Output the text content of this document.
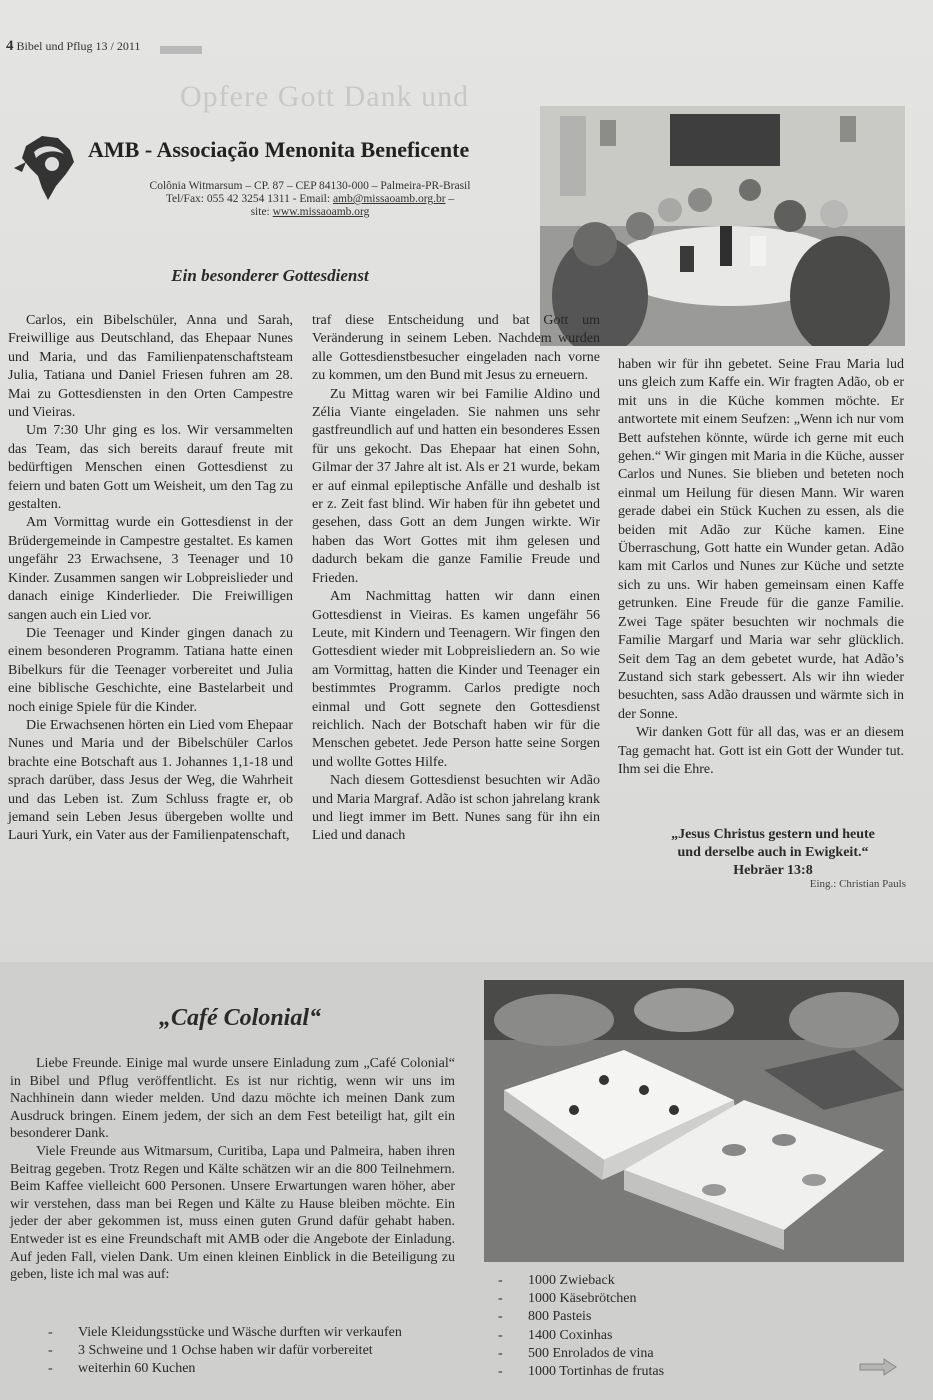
4 Bibel und Pflug 13 / 2011
Opfere Gott Dank und
AMB - Associação Menonita Beneficente
Colônia Witmarsum – CP. 87 – CEP 84130-000 – Palmeira-PR-Brasil
Tel/Fax: 055 42 3254 1311 - Email: amb@missaoamb.org.br –
site: www.missaoamb.org
Ein besonderer Gottesdienst

Carlos, ein Bibelschüler, Anna und Sarah, Freiwillige aus Deutschland, das Ehepaar Nunes und Maria, und das Familienpatenschaftsteam Julia, Tatiana und Daniel Friesen fuhren am 28. Mai zu Gottesdiensten in den Orten Campestre und Vieiras.

Um 7:30 Uhr ging es los. Wir versammelten das Team, das sich bereits darauf freute mit bedürftigen Menschen einen Gottesdienst zu feiern und baten Gott um Weisheit, um den Tag zu gestalten.

Am Vormittag wurde ein Gottesdienst in der Brüdergemeinde in Campestre gestaltet. Es kamen ungefähr 23 Erwachsene, 3 Teenager und 10 Kinder. Zusammen sangen wir Lobpreislieder und danach einige Kinderlieder. Die Freiwilligen sangen auch ein Lied vor.

Die Teenager und Kinder gingen danach zu einem besonderen Programm. Tatiana hatte einen Bibelkurs für die Teenager vorbereitet und Julia eine biblische Geschichte, eine Bastelarbeit und noch einige Spiele für die Kinder.

Die Erwachsenen hörten ein Lied vom Ehepaar Nunes und Maria und der Bibelschüler Carlos brachte eine Botschaft aus 1. Johannes 1,1-18 und sprach darüber, dass Jesus der Weg, die Wahrheit und das Leben ist. Zum Schluss fragte er, ob jemand sein Leben Jesus übergeben wollte und Lauri Yurk, ein Vater aus der Familienpatenschaft,

traf diese Entscheidung und bat Gott um Veränderung in seinem Leben. Nachdem wurden alle Gottesdienstbesucher eingeladen nach vorne zu kommen, um den Bund mit Jesus zu erneuern.

Zu Mittag waren wir bei Familie Aldino und Zélia Viante eingeladen. Sie nahmen uns sehr gastfreundlich auf und hatten ein besonderes Essen für uns gekocht. Das Ehepaar hat einen Sohn, Gilmar der 37 Jahre alt ist. Als er 21 wurde, bekam er auf einmal epileptische Anfälle und deshalb ist er z. Zeit fast blind. Wir haben für ihn gebetet und gesehen, dass Gott an dem Jungen wirkte. Wir haben das Wort Gottes mit ihm gelesen und dadurch bekam die ganze Familie Freude und Frieden.

Am Nachmittag hatten wir dann einen Gottesdienst in Vieiras. Es kamen ungefähr 56 Leute, mit Kindern und Teenagern. Wir fingen den Gottesdient wieder mit Lobpreisliedern an. So wie am Vormittag, hatten die Kinder und Teenager ein bestimmtes Programm. Carlos predigte noch einmal und Gott segnete den Gottesdienst reichlich. Nach der Botschaft haben wir für die Menschen gebetet. Jede Person hatte seine Sorgen und wollte Gottes Hilfe.

Nach diesem Gottesdienst besuchten wir Adão und Maria Margraf. Adão ist schon jahrelang krank und liegt immer im Bett. Nunes sang für ihn ein Lied und danach

haben wir für ihn gebetet. Seine Frau Maria lud uns gleich zum Kaffe ein. Wir fragten Adão, ob er mit uns in die Küche kommen möchte. Er antwortete mit einem Seufzen: „Wenn ich nur vom Bett aufstehen könnte, würde ich gerne mit euch gehen.“ Wir gingen mit Maria in die Küche, ausser Carlos und Nunes. Sie blieben und beteten noch einmal um Heilung für diesen Mann. Wir waren gerade dabei ein Stück Kuchen zu essen, als die beiden mit Adão zur Küche kamen. Eine Überraschung, Gott hatte ein Wunder getan. Adão kam mit Carlos und Nunes zur Küche und setzte sich zu uns. Wir haben gemeinsam einen Kaffe getrunken. Eine Freude für die ganze Familie. Zwei Tage später besuchten wir nochmals die Familie Margarf und Maria war sehr glücklich. Seit dem Tag an dem gebetet wurde, hat Adão’s Zustand sich stark gebessert. Als wir ihn wieder besuchten, sass Adão draussen und wärmte sich in der Sonne.

Wir danken Gott für all das, was er an diesem Tag gemacht hat. Gott ist ein Gott der Wunder tut. Ihm sei die Ehre.

„Jesus Christus gestern und heute
und derselbe auch in Ewigkeit.“
Hebräer 13:8
Eing.: Christian Pauls
„Café Colonial“

Liebe Freunde. Einige mal wurde unsere Einladung zum „Café Colonial“ in Bibel und Pflug veröffentlicht. Es ist nur richtig, wenn wir uns im Nachhinein dann wieder melden. Und dazu möchte ich meinen Dank zum Ausdruck bringen. Einem jedem, der sich an dem Fest beteiligt hat, gilt ein besonderer Dank.

Viele Freunde aus Witmarsum, Curitiba, Lapa und Palmeira, haben ihren Beitrag gegeben. Trotz Regen und Kälte schätzen wir an die 800 Teilnehmern. Beim Kaffee vielleicht 600 Personen. Unsere Erwartungen waren höher, aber wir verstehen, dass man bei Regen und Kälte zu Hause bleiben möchte. Ein jeder der aber gekommen ist, muss einen guten Grund dafür gehabt haben. Entweder ist es eine Freundschaft mit AMB oder die Angebote der Einladung. Auf jeden Fall, vielen Dank. Um einen kleinen Einblick in die Beteiligung zu geben, liste ich mal was auf:

- Viele Kleidungsstücke und Wäsche durften wir verkaufen
- 3 Schweine und 1 Ochse haben wir dafür vorbereitet
- weiterhin 60 Kuchen
- 1000 Zwieback
- 1000 Käsebrötchen
- 800 Pasteis
- 1400 Coxinhas
- 500 Enrolados de vina
- 1000 Tortinhas de frutas
